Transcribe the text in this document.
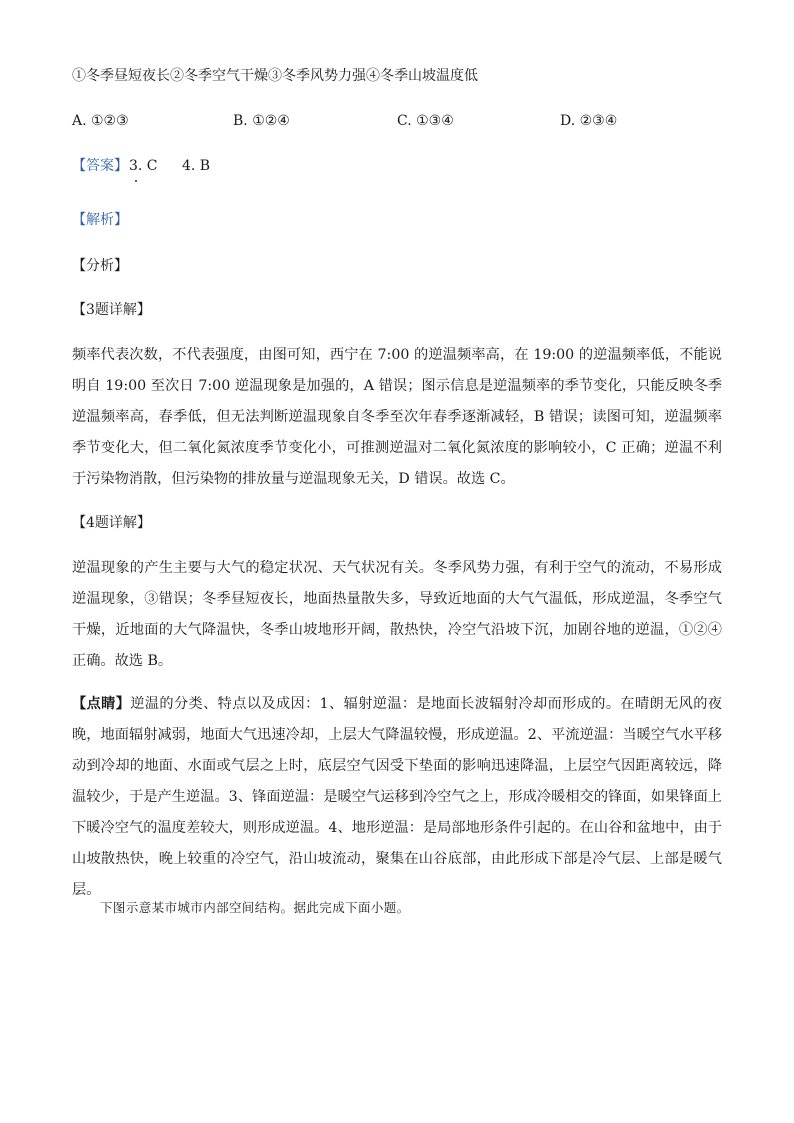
①冬季昼短夜长②冬季空气干燥③冬季风势力强④冬季山坡温度低
A. ①②③	B. ①②④	C. ①③④	D. ②③④
【答案】 3. C 4. B
【解析】
【分析】
【3题详解】
频率代表次数，不代表强度，由图可知，西宁在 7:00 的逆温频率高，在 19:00 的逆温频率低，不能说明自 19:00 至次日 7:00 逆温现象是加强的，A 错误；图示信息是逆温频率的季节变化，只能反映冬季逆温频率高，春季低，但无法判断逆温现象自冬季至次年春季逐渐减轻，B 错误；读图可知，逆温频率季节变化大，但二氧化氮浓度季节变化小，可推测逆温对二氧化氮浓度的影响较小，C 正确；逆温不利于污染物消散，但污染物的排放量与逆温现象无关，D 错误。故选 C。
【4题详解】
逆温现象的产生主要与大气的稳定状况、天气状况有关。冬季风势力强，有利于空气的流动，不易形成逆温现象，③错误；冬季昼短夜长，地面热量散失多，导致近地面的大气气温低，形成逆温，冬季空气干燥，近地面的大气降温快，冬季山坡地形开阔，散热快，冷空气沿坡下沉，加剧谷地的逆温，①②④正确。故选 B。
【点睛】逆温的分类、特点以及成因：1、辐射逆温：是地面长波辐射冷却而形成的。在晴朗无风的夜晚，地面辐射减弱，地面大气迅速冷却，上层大气降温较慢，形成逆温。2、平流逆温：当暖空气水平移动到冷却的地面、水面或气层之上时，底层空气因受下垫面的影响迅速降温，上层空气因距离较远，降温较少，于是产生逆温。3、锋面逆温：是暖空气运移到冷空气之上，形成冷暖相交的锋面，如果锋面上下暖冷空气的温度差较大，则形成逆温。4、地形逆温：是局部地形条件引起的。在山谷和盆地中，由于山坡散热快，晚上较重的冷空气，沿山坡流动，聚集在山谷底部，由此形成下部是冷气层、上部是暖气层。
下图示意某市城市内部空间结构。据此完成下面小题。
